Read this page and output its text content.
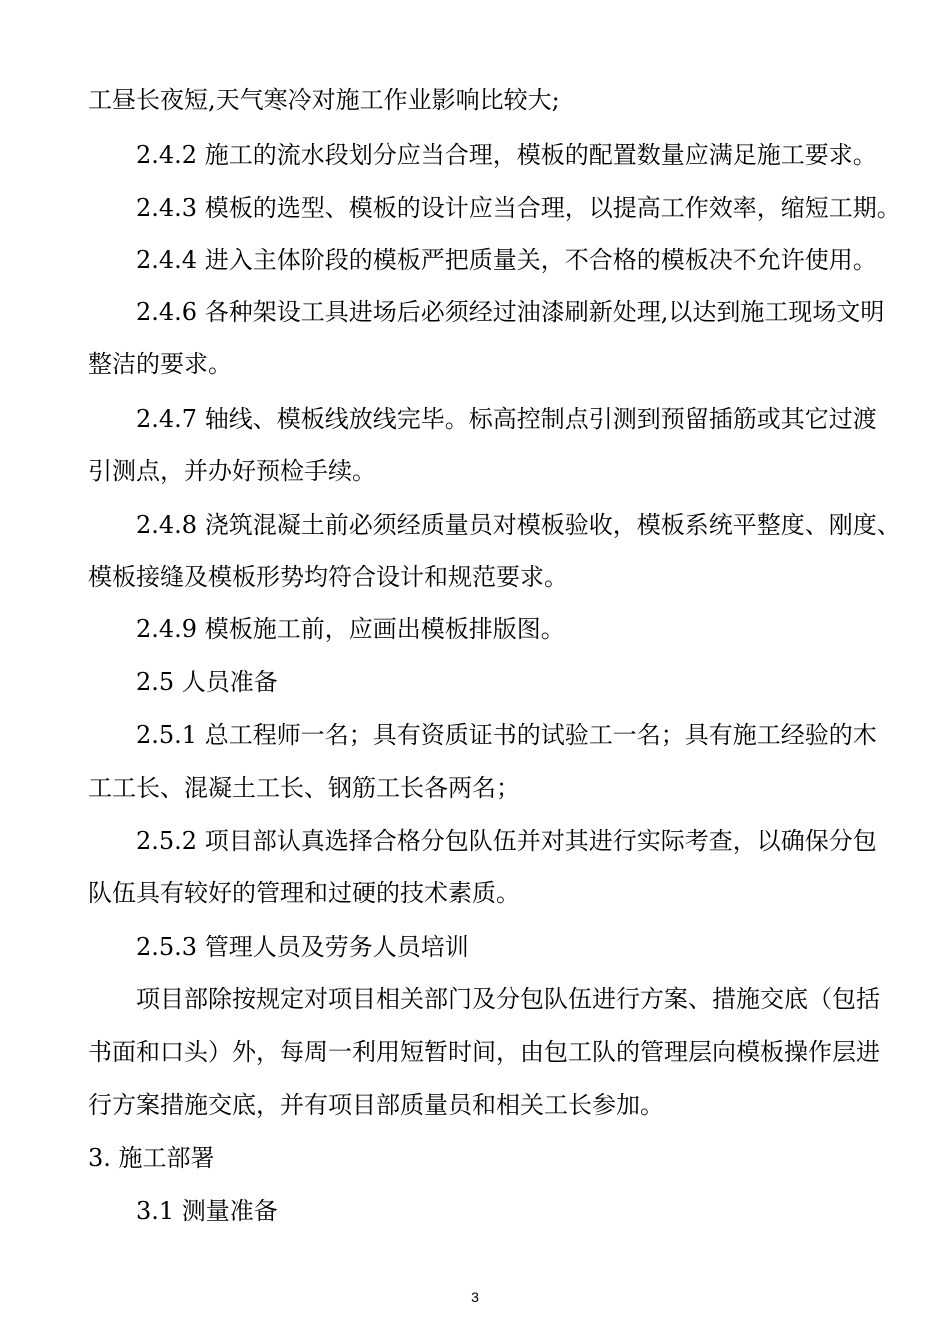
工昼长夜短,天气寒冷对施工作业影响比较大;
2.4.2 施工的流水段划分应当合理，模板的配置数量应满足施工要求。
2.4.3 模板的选型、模板的设计应当合理，以提高工作效率，缩短工期。
2.4.4 进入主体阶段的模板严把质量关，不合格的模板决不允许使用。
2.4.6 各种架设工具进场后必须经过油漆刷新处理,以达到施工现场文明
整洁的要求。
2.4.7 轴线、模板线放线完毕。标高控制点引测到预留插筋或其它过渡
引测点，并办好预检手续。
2.4.8 浇筑混凝土前必须经质量员对模板验收，模板系统平整度、刚度、
模板接缝及模板形势均符合设计和规范要求。
2.4.9 模板施工前，应画出模板排版图。
2.5 人员准备
2.5.1 总工程师一名；具有资质证书的试验工一名；具有施工经验的木
工工长、混凝土工长、钢筋工长各两名；
2.5.2 项目部认真选择合格分包队伍并对其进行实际考查，以确保分包
队伍具有较好的管理和过硬的技术素质。
2.5.3 管理人员及劳务人员培训
项目部除按规定对项目相关部门及分包队伍进行方案、措施交底（包括
书面和口头）外，每周一利用短暂时间，由包工队的管理层向模板操作层进
行方案措施交底，并有项目部质量员和相关工长参加。
3. 施工部署
3.1 测量准备
3
